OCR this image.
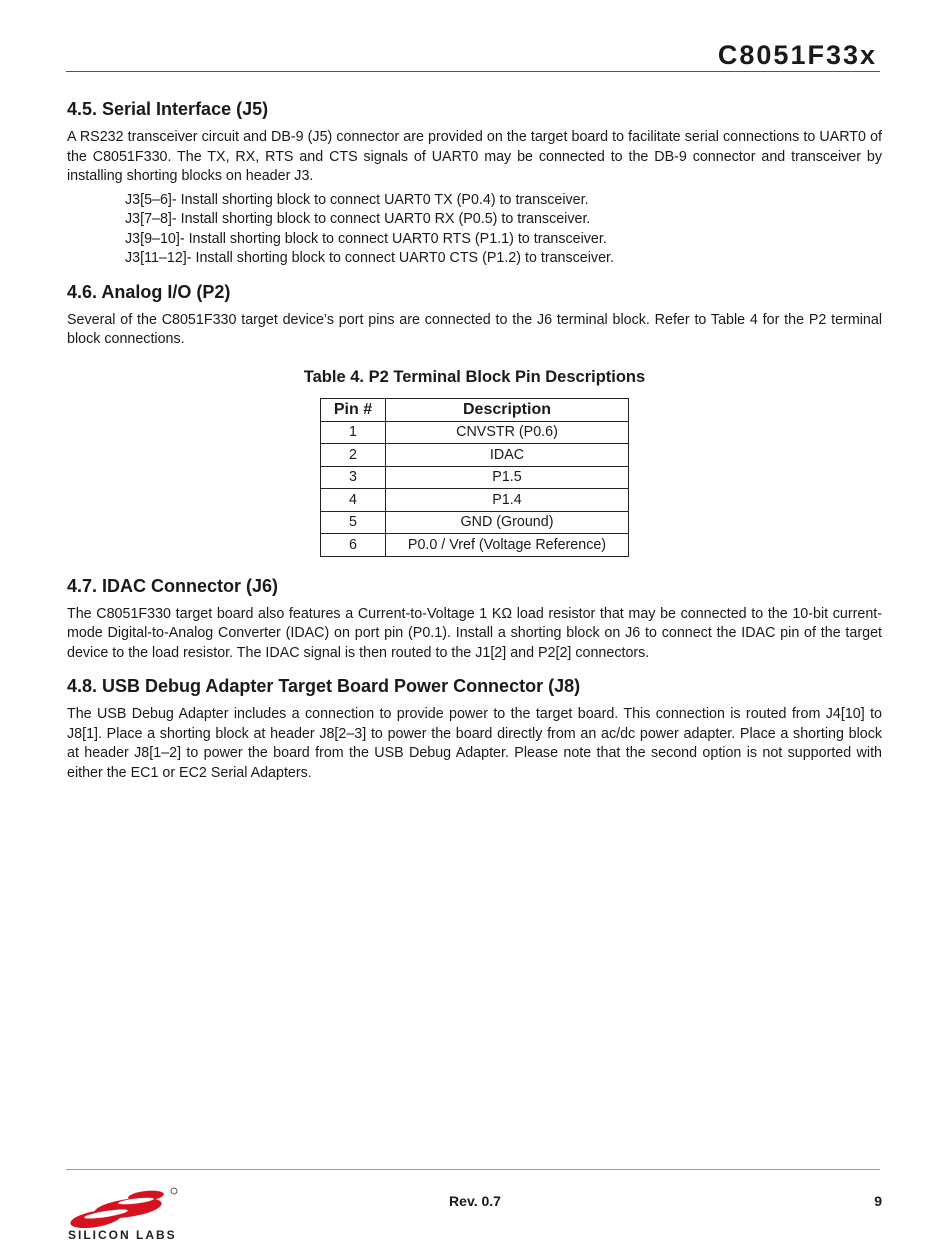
C8051F33x
4.5. Serial Interface (J5)

A RS232 transceiver circuit and DB-9 (J5) connector are provided on the target board to facilitate serial connections to UART0 of the C8051F330. The TX, RX, RTS and CTS signals of UART0 may be connected to the DB-9 connector and transceiver by installing shorting blocks on header J3.

J3[5–6]- Install shorting block to connect UART0 TX (P0.4) to transceiver.
J3[7–8]- Install shorting block to connect UART0 RX (P0.5) to transceiver.
J3[9–10]- Install shorting block to connect UART0 RTS (P1.1) to transceiver.
J3[11–12]- Install shorting block to connect UART0 CTS (P1.2) to transceiver.
4.6. Analog I/O (P2)

Several of the C8051F330 target device’s port pins are connected to the J6 terminal block. Refer to Table 4 for the P2 terminal block connections.

Table 4. P2 Terminal Block Pin Descriptions
Pin #	Description
1	CNVSTR (P0.6)
2	IDAC
3	P1.5
4	P1.4
5	GND (Ground)
6	P0.0 / Vref (Voltage Reference)
4.7. IDAC Connector (J6)

The C8051F330 target board also features a Current-to-Voltage 1 KΩ load resistor that may be connected to the 10-bit current-mode Digital-to-Analog Converter (IDAC) on port pin (P0.1). Install a shorting block on J6 to connect the IDAC pin of the target device to the load resistor. The IDAC signal is then routed to the J1[2] and P2[2] connectors.

4.8. USB Debug Adapter Target Board Power Connector (J8)

The USB Debug Adapter includes a connection to provide power to the target board. This connection is routed from J4[10] to J8[1]. Place a shorting block at header J8[2–3] to power the board directly from an ac/dc power adapter. Place a shorting block at header J8[1–2] to power the board from the USB Debug Adapter. Please note that the second option is not supported with either the EC1 or EC2 Serial Adapters.

SILICON LABS
Rev. 0.7	9
